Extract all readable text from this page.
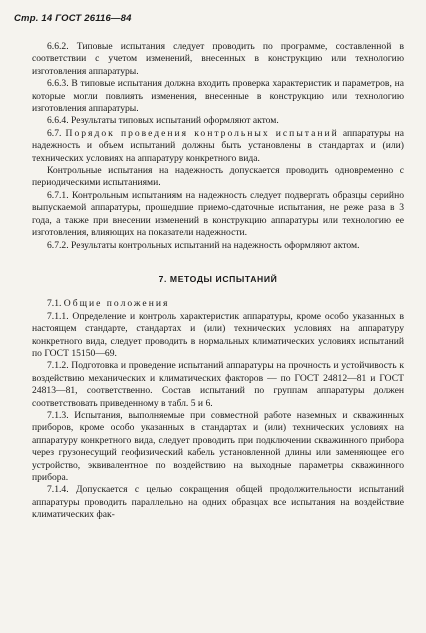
Стр. 14 ГОСТ 26116—84

6.6.2. Типовые испытания следует проводить по программе, составленной в соответствии с учетом изменений, внесенных в конструкцию или технологию изготовления аппаратуры.

6.6.3. В типовые испытания должна входить проверка характеристик и параметров, на которые могли повлиять изменения, внесенные в конструкцию или технологию изготовления аппаратуры.

6.6.4. Результаты типовых испытаний оформляют актом.

6.7. Порядок проведения контрольных испытаний аппаратуры на надежность и объем испытаний должны быть установлены в стандартах и (или) технических условиях на аппаратуру конкретного вида.

Контрольные испытания на надежность допускается проводить одновременно с периодическими испытаниями.

6.7.1. Контрольным испытаниям на надежность следует подвергать образцы серийно выпускаемой аппаратуры, прошедшие приемо-сдаточные испытания, не реже раза в 3 года, а также при внесении изменений в конструкцию аппаратуры или технологию ее изготовления, влияющих на показатели надежности.

6.7.2. Результаты контрольных испытаний на надежность оформляют актом.

7. МЕТОДЫ ИСПЫТАНИЙ

7.1. Общие положения

7.1.1. Определение и контроль характеристик аппаратуры, кроме особо указанных в настоящем стандарте, стандартах и (или) технических условиях на аппаратуру конкретного вида, следует проводить в нормальных климатических условиях испытаний по ГОСТ 15150—69.

7.1.2. Подготовка и проведение испытаний аппаратуры на прочность и устойчивость к воздействию механических и климатических факторов — по ГОСТ 24812—81 и ГОСТ 24813—81, соответственно. Состав испытаний по группам аппаратуры должен соответствовать приведенному в табл. 5 и 6.

7.1.3. Испытания, выполняемые при совместной работе наземных и скважинных приборов, кроме особо указанных в стандартах и (или) технических условиях на аппаратуру конкретного вида, следует проводить при подключении скважинного прибора через грузонесущий геофизический кабель установленной длины или заменяющее его устройство, эквивалентное по воздействию на выходные параметры скважинного прибора.

7.1.4. Допускается с целью сокращения общей продолжительности испытаний аппаратуры проводить параллельно на одних образцах все испытания на воздействие климатических фак-
